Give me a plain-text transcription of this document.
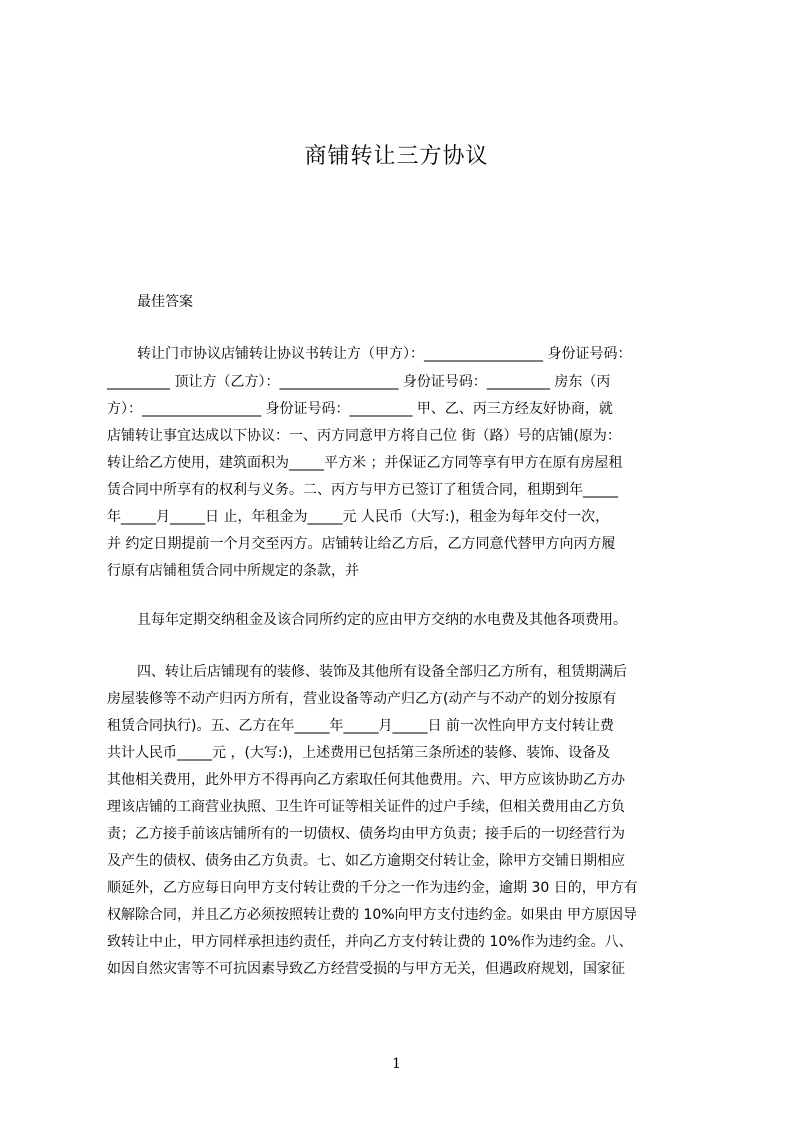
商铺转让三方协议
最佳答案
转让门市协议店铺转让协议书转让方（甲方）：_________________ 身份证号码：
_________ 顶让方（乙方）：_________________ 身份证号码：_________ 房东（丙
方）：_________________ 身份证号码：_________ 甲、乙、丙三方经友好协商，就
店铺转让事宜达成以下协议：一、丙方同意甲方将自己位 街（路）号的店铺(原为：
转让给乙方使用，建筑面积为_____平方米 ；并保证乙方同等享有甲方在原有房屋租
赁合同中所享有的权利与义务。二、丙方与甲方已签订了租赁合同，租期到年_____
年_____月_____日 止，年租金为_____元 人民币（大写:)，租金为每年交付一次，
并 约定日期提前一个月交至丙方。店铺转让给乙方后，乙方同意代替甲方向丙方履
行原有店铺租赁合同中所规定的条款，并
且每年定期交纳租金及该合同所约定的应由甲方交纳的水电费及其他各项费用。
四、转让后店铺现有的装修、装饰及其他所有设备全部归乙方所有，租赁期满后
房屋装修等不动产归丙方所有，营业设备等动产归乙方(动产与不动产的划分按原有
租赁合同执行)。五、乙方在年_____年_____月_____日 前一次性向甲方支付转让费
共计人民币_____元 ，(大写:)，上述费用已包括第三条所述的装修、装饰、设备及
其他相关费用，此外甲方不得再向乙方索取任何其他费用。六、甲方应该协助乙方办
理该店铺的工商营业执照、卫生许可证等相关证件的过户手续，但相关费用由乙方负
责；乙方接手前该店铺所有的一切债权、债务均由甲方负责；接手后的一切经营行为
及产生的债权、债务由乙方负责。七、如乙方逾期交付转让金，除甲方交铺日期相应
顺延外，乙方应每日向甲方支付转让费的千分之一作为违约金，逾期 30 日的，甲方有
权解除合同，并且乙方必须按照转让费的 10%向甲方支付违约金。如果由 甲方原因导
致转让中止，甲方同样承担违约责任，并向乙方支付转让费的 10%作为违约金。八、
如因自然灾害等不可抗因素导致乙方经营受损的与甲方无关，但遇政府规划，国家征
1
